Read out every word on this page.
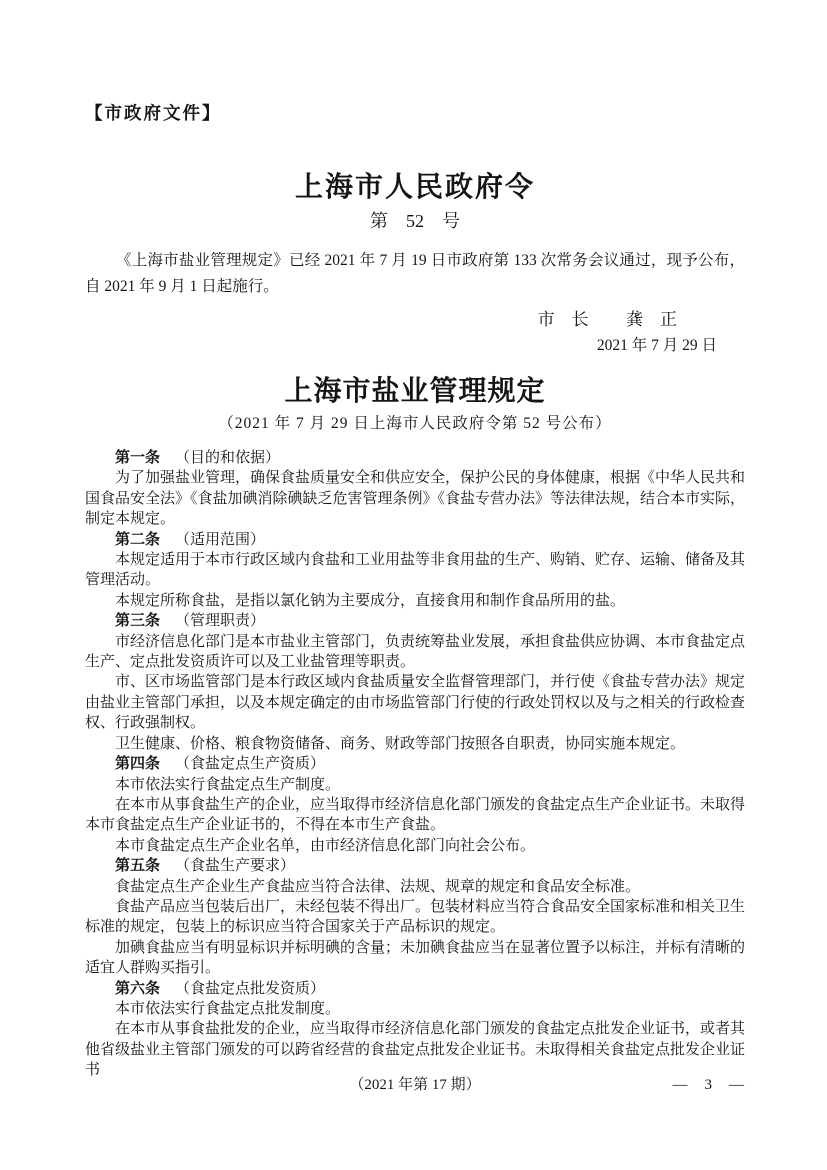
【市政府文件】
上海市人民政府令
第　52　号

《上海市盐业管理规定》已经 2021 年 7 月 19 日市政府第 133 次常务会议通过，现予公布，自 2021 年 9 月 1 日起施行。

市　长 龚　正
2021 年 7 月 29 日
上海市盐业管理规定
（2021 年 7 月 29 日上海市人民政府令第 52 号公布）

第一条 （目的和依据）

为了加强盐业管理，确保食盐质量安全和供应安全，保护公民的身体健康，根据《中华人民共和国食品安全法》《食盐加碘消除碘缺乏危害管理条例》《食盐专营办法》等法律法规，结合本市实际，制定本规定。

第二条 （适用范围）

本规定适用于本市行政区域内食盐和工业用盐等非食用盐的生产、购销、贮存、运输、储备及其管理活动。

本规定所称食盐，是指以氯化钠为主要成分，直接食用和制作食品所用的盐。

第三条 （管理职责）

市经济信息化部门是本市盐业主管部门，负责统筹盐业发展，承担食盐供应协调、本市食盐定点生产、定点批发资质许可以及工业盐管理等职责。

市、区市场监管部门是本行政区域内食盐质量安全监督管理部门，并行使《食盐专营办法》规定由盐业主管部门承担，以及本规定确定的由市场监管部门行使的行政处罚权以及与之相关的行政检查权、行政强制权。

卫生健康、价格、粮食物资储备、商务、财政等部门按照各自职责，协同实施本规定。

第四条 （食盐定点生产资质）

本市依法实行食盐定点生产制度。

在本市从事食盐生产的企业，应当取得市经济信息化部门颁发的食盐定点生产企业证书。未取得本市食盐定点生产企业证书的，不得在本市生产食盐。

本市食盐定点生产企业名单，由市经济信息化部门向社会公布。

第五条 （食盐生产要求）

食盐定点生产企业生产食盐应当符合法律、法规、规章的规定和食品安全标准。

食盐产品应当包装后出厂，未经包装不得出厂。包装材料应当符合食品安全国家标准和相关卫生标准的规定，包装上的标识应当符合国家关于产品标识的规定。

加碘食盐应当有明显标识并标明碘的含量；未加碘食盐应当在显著位置予以标注，并标有清晰的适宜人群购买指引。

第六条 （食盐定点批发资质）

本市依法实行食盐定点批发制度。

在本市从事食盐批发的企业，应当取得市经济信息化部门颁发的食盐定点批发企业证书，或者其他省级盐业主管部门颁发的可以跨省经营的食盐定点批发企业证书。未取得相关食盐定点批发企业证书

（2021 年第 17 期）	—　3　—
